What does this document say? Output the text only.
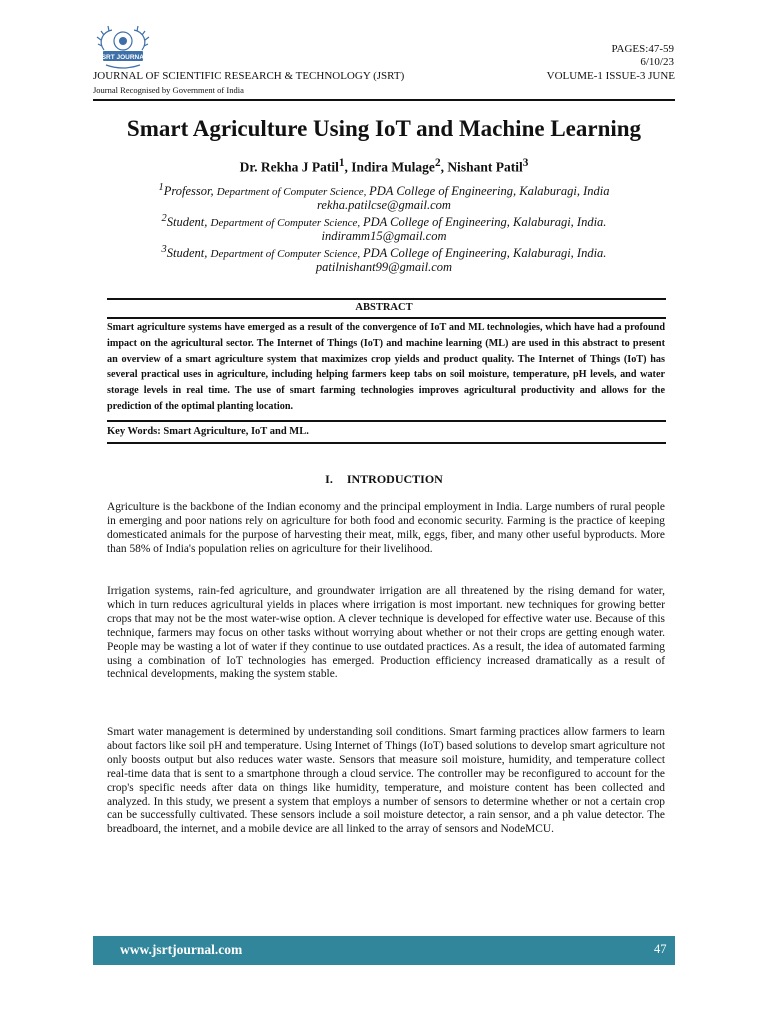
JSRT JOURNAL
PAGES:47-59
6/10/23
JOURNAL OF SCIENTIFIC RESEARCH & TECHNOLOGY (JSRT)	VOLUME-1 ISSUE-3 JUNE
Journal Recognised by Government of India
Smart Agriculture Using IoT and Machine Learning
Dr. Rekha J Patil$^1$, Indira Mulage$^2$, Nishant Patil$^3$
$^1$Professor, Department of Computer Science, PDA College of Engineering, Kalaburagi, India
rekha.patilcse@gmail.com
$^2$Student, Department of Computer Science, PDA College of Engineering, Kalaburagi, India.
indiramm15@gmail.com
$^3$Student, Department of Computer Science, PDA College of Engineering, Kalaburagi, India.
patilnishant99@gmail.com
ABSTRACT
Smart agriculture systems have emerged as a result of the convergence of IoT and ML technologies, which have had a profound impact on the agricultural sector. The Internet of Things (IoT) and machine learning (ML) are used in this abstract to present an overview of a smart agriculture system that maximizes crop yields and product quality. The Internet of Things (IoT) has several practical uses in agriculture, including helping farmers keep tabs on soil moisture, temperature, pH levels, and water storage levels in real time. The use of smart farming technologies improves agricultural productivity and allows for the prediction of the optimal planting location.
Key Words: Smart Agriculture, IoT and ML.
I. INTRODUCTION
Agriculture is the backbone of the Indian economy and the principal employment in India. Large numbers of rural people in emerging and poor nations rely on agriculture for both food and economic security. Farming is the practice of keeping domesticated animals for the purpose of harvesting their meat, milk, eggs, fiber, and many other useful byproducts. More than 58% of India's population relies on agriculture for their livelihood.
Irrigation systems, rain-fed agriculture, and groundwater irrigation are all threatened by the rising demand for water, which in turn reduces agricultural yields in places where irrigation is most important. new techniques for growing better crops that may not be the most water-wise option. A clever technique is developed for effective water use. Because of this technique, farmers may focus on other tasks without worrying about whether or not their crops are getting enough water. People may be wasting a lot of water if they continue to use outdated practices. As a result, the idea of automated farming using a combination of IoT technologies has emerged. Production efficiency increased dramatically as a result of technical developments, making the system stable.
Smart water management is determined by understanding soil conditions. Smart farming practices allow farmers to learn about factors like soil pH and temperature. Using Internet of Things (IoT) based solutions to develop smart agriculture not only boosts output but also reduces water waste. Sensors that measure soil moisture, humidity, and temperature collect real-time data that is sent to a smartphone through a cloud service. The controller may be reconfigured to account for the crop's specific needs after data on things like humidity, temperature, and moisture content has been collected and analyzed. In this study, we present a system that employs a number of sensors to determine whether or not a certain crop can be successfully cultivated. These sensors include a soil moisture detector, a rain sensor, and a ph value detector. The breadboard, the internet, and a mobile device are all linked to the array of sensors and NodeMCU.
www.jsrtjournal.com	47
